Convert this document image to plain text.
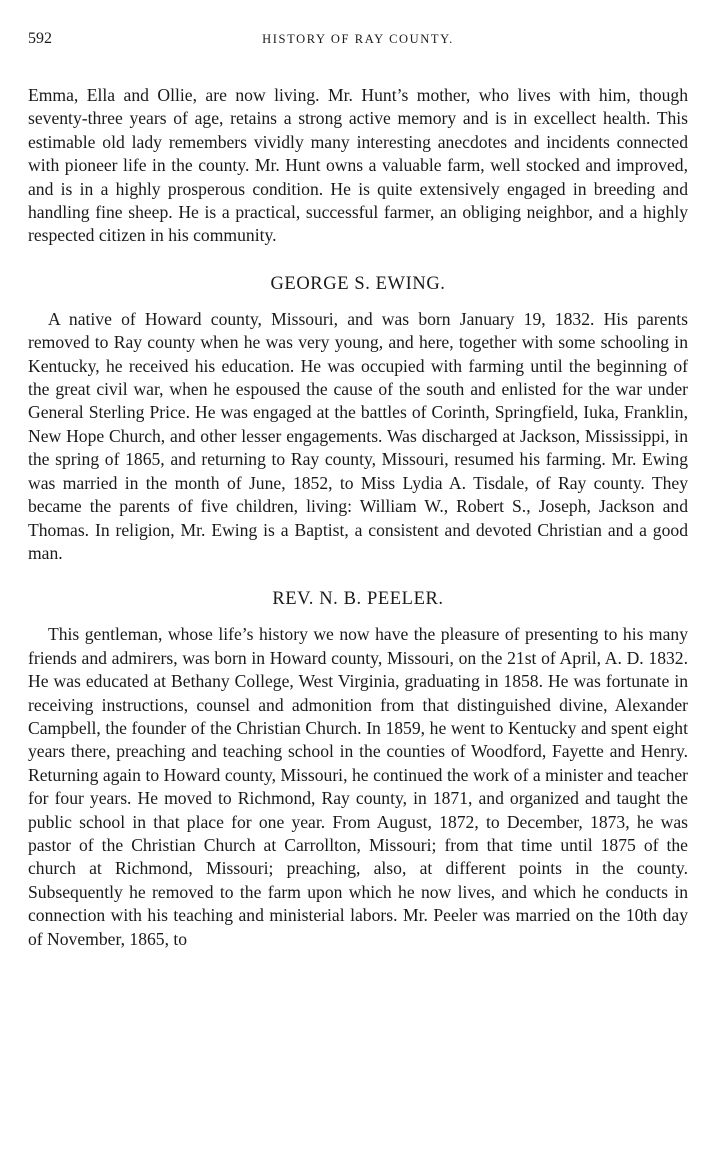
592	HISTORY OF RAY COUNTY.

Emma, Ella and Ollie, are now living. Mr. Hunt’s mother, who lives with him, though seventy-three years of age, retains a strong active memory and is in excellect health. This estimable old lady remembers vividly many interesting anecdotes and incidents connected with pioneer life in the county. Mr. Hunt owns a valuable farm, well stocked and improved, and is in a highly prosperous condition. He is quite extensively engaged in breeding and handling fine sheep. He is a practical, successful farmer, an obliging neighbor, and a highly respected citizen in his community.

GEORGE S. EWING.

A native of Howard county, Missouri, and was born January 19, 1832. His parents removed to Ray county when he was very young, and here, together with some schooling in Kentucky, he received his education. He was occupied with farming until the beginning of the great civil war, when he espoused the cause of the south and enlisted for the war under General Sterling Price. He was engaged at the battles of Corinth, Springfield, Iuka, Franklin, New Hope Church, and other lesser engagements. Was discharged at Jackson, Mississippi, in the spring of 1865, and returning to Ray county, Missouri, resumed his farming. Mr. Ewing was married in the month of June, 1852, to Miss Lydia A. Tisdale, of Ray county. They became the parents of five children, living: William W., Robert S., Joseph, Jackson and Thomas. In religion, Mr. Ewing is a Baptist, a consistent and devoted Christian and a good man.

REV. N. B. PEELER.

This gentleman, whose life’s history we now have the pleasure of presenting to his many friends and admirers, was born in Howard county, Missouri, on the 21st of April, A. D. 1832. He was educated at Bethany College, West Virginia, graduating in 1858. He was fortunate in receiving instructions, counsel and admonition from that distinguished divine, Alexander Campbell, the founder of the Christian Church. In 1859, he went to Kentucky and spent eight years there, preaching and teaching school in the counties of Woodford, Fayette and Henry. Returning again to Howard county, Missouri, he continued the work of a minister and teacher for four years. He moved to Richmond, Ray county, in 1871, and organized and taught the public school in that place for one year. From August, 1872, to December, 1873, he was pastor of the Christian Church at Carrollton, Missouri; from that time until 1875 of the church at Richmond, Missouri; preaching, also, at different points in the county. Subsequently he removed to the farm upon which he now lives, and which he conducts in connection with his teaching and ministerial labors. Mr. Peeler was married on the 10th day of November, 1865, to
